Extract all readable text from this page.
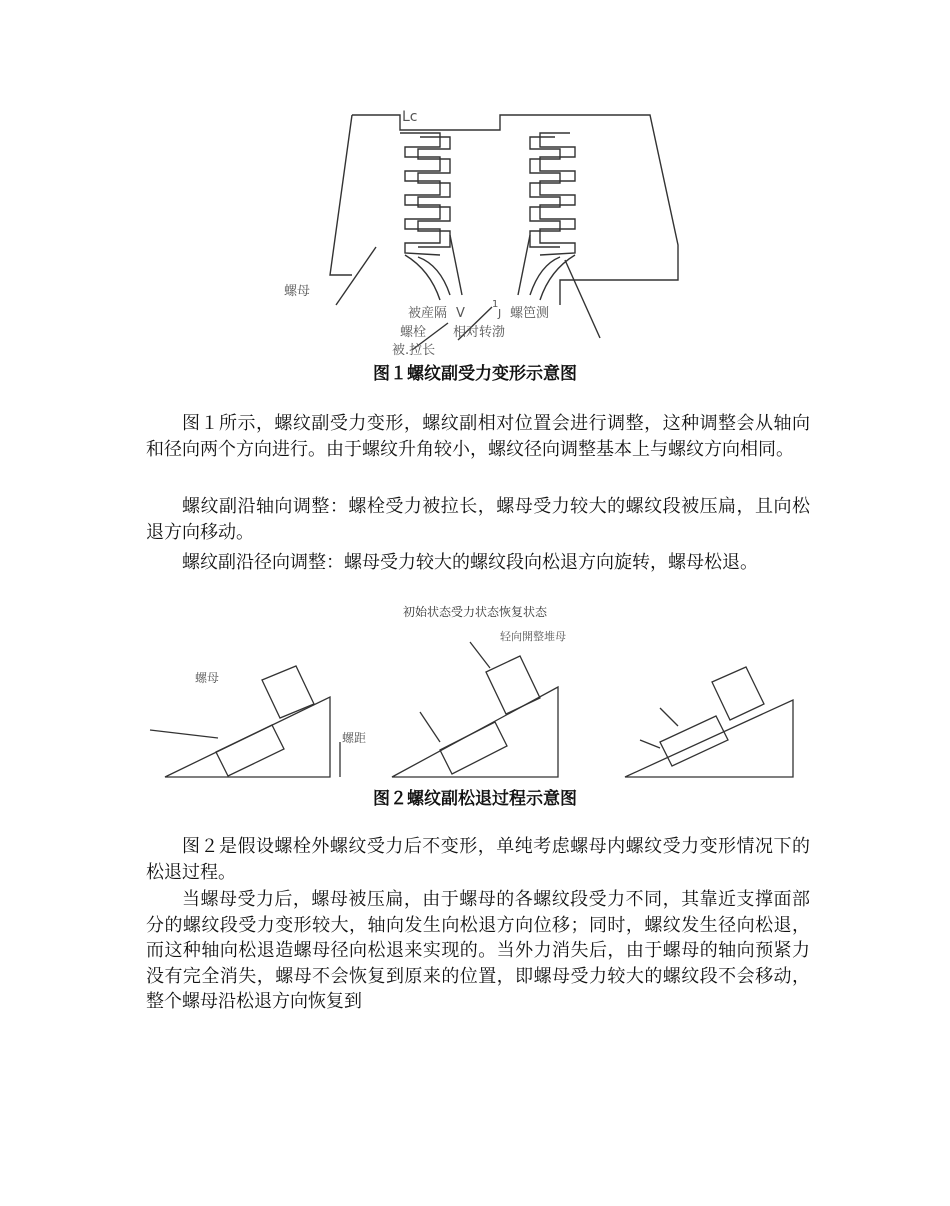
Lc
螺母
被産隔 V
1
J 螺笆测
螺栓 相对转渤
被.拉长
图１螺纹副受力变形示意图

图１所示，螺纹副受力变形，螺纹副相对位置会进行调整，这种调整会从轴向和径向两个方向进行。由于螺纹升角较小，螺纹径向调整基本上与螺纹方向相同。

螺纹副沿轴向调整：螺栓受力被拉长，螺母受力较大的螺纹段被压扁，且向松退方向移动。

螺纹副沿径向调整：螺母受力较大的螺纹段向松退方向旋转，螺母松退。

初始状态受力状态恢复状态
螺母
螺距
轻向開整堆母
图２螺纹副松退过程示意图

图２是假设螺栓外螺纹受力后不变形，单纯考虑螺母内螺纹受力变形情况下的松退过程。

当螺母受力后，螺母被压扁，由于螺母的各螺纹段受力不同，其靠近支撑面部分的螺纹段受力变形较大，轴向发生向松退方向位移；同时，螺纹发生径向松退，而这种轴向松退造螺母径向松退来实现的。当外力消失后，由于螺母的轴向预紧力没有完全消失，螺母不会恢复到原来的位置，即螺母受力较大的螺纹段不会移动，整个螺母沿松退方向恢复到
